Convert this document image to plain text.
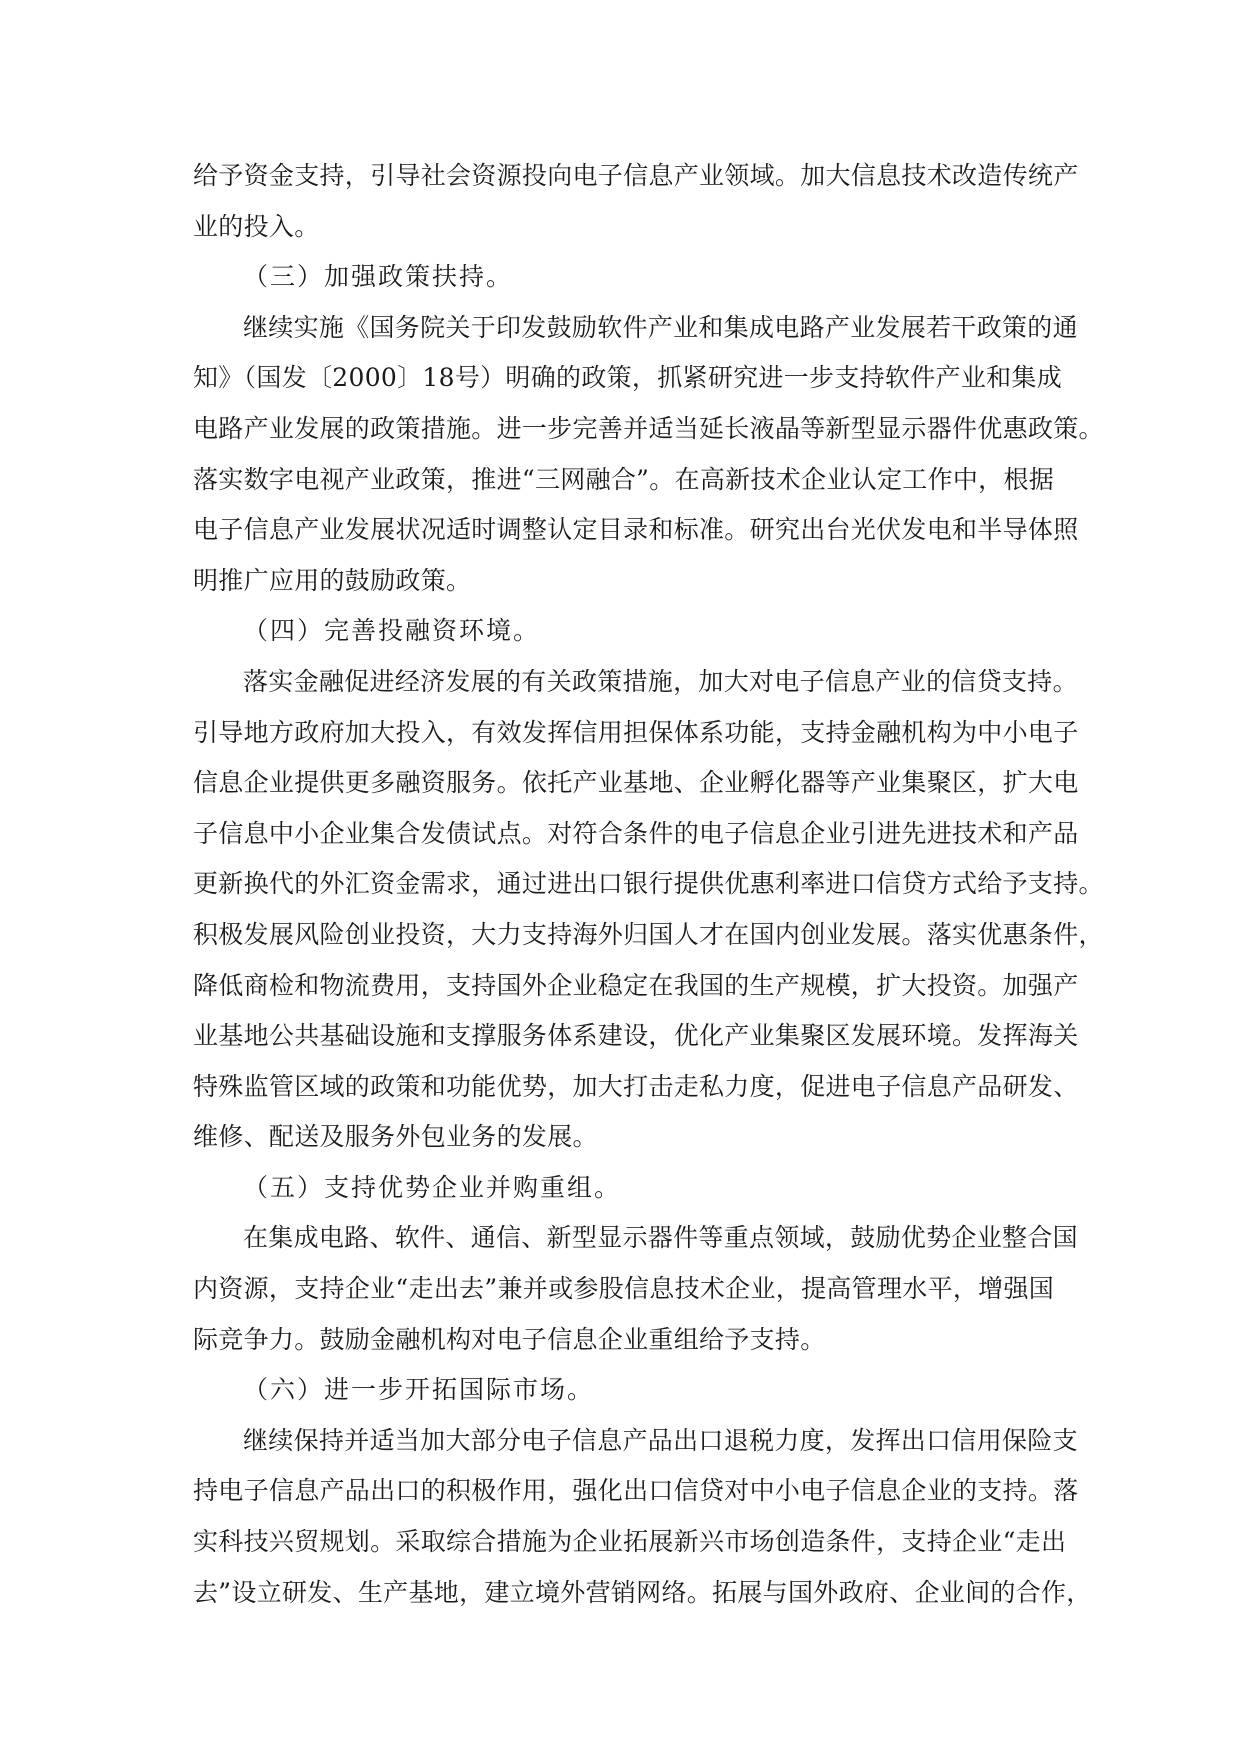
给予资金支持，引导社会资源投向电子信息产业领域。加大信息技术改造传统产
业的投入。
（三）加强政策扶持。
继续实施《国务院关于印发鼓励软件产业和集成电路产业发展若干政策的通
知》（国发〔2000〕18号）明确的政策，抓紧研究进一步支持软件产业和集成
电路产业发展的政策措施。进一步完善并适当延长液晶等新型显示器件优惠政策。
落实数字电视产业政策，推进“三网融合”。在高新技术企业认定工作中，根据
电子信息产业发展状况适时调整认定目录和标准。研究出台光伏发电和半导体照
明推广应用的鼓励政策。
（四）完善投融资环境。
落实金融促进经济发展的有关政策措施，加大对电子信息产业的信贷支持。
引导地方政府加大投入，有效发挥信用担保体系功能，支持金融机构为中小电子
信息企业提供更多融资服务。依托产业基地、企业孵化器等产业集聚区，扩大电
子信息中小企业集合发债试点。对符合条件的电子信息企业引进先进技术和产品
更新换代的外汇资金需求，通过进出口银行提供优惠利率进口信贷方式给予支持。
积极发展风险创业投资，大力支持海外归国人才在国内创业发展。落实优惠条件，
降低商检和物流费用，支持国外企业稳定在我国的生产规模，扩大投资。加强产
业基地公共基础设施和支撑服务体系建设，优化产业集聚区发展环境。发挥海关
特殊监管区域的政策和功能优势，加大打击走私力度，促进电子信息产品研发、
维修、配送及服务外包业务的发展。
（五）支持优势企业并购重组。
在集成电路、软件、通信、新型显示器件等重点领域，鼓励优势企业整合国
内资源，支持企业“走出去”兼并或参股信息技术企业，提高管理水平，增强国
际竞争力。鼓励金融机构对电子信息企业重组给予支持。
（六）进一步开拓国际市场。
继续保持并适当加大部分电子信息产品出口退税力度，发挥出口信用保险支
持电子信息产品出口的积极作用，强化出口信贷对中小电子信息企业的支持。落
实科技兴贸规划。采取综合措施为企业拓展新兴市场创造条件，支持企业“走出
去”设立研发、生产基地，建立境外营销网络。拓展与国外政府、企业间的合作，
